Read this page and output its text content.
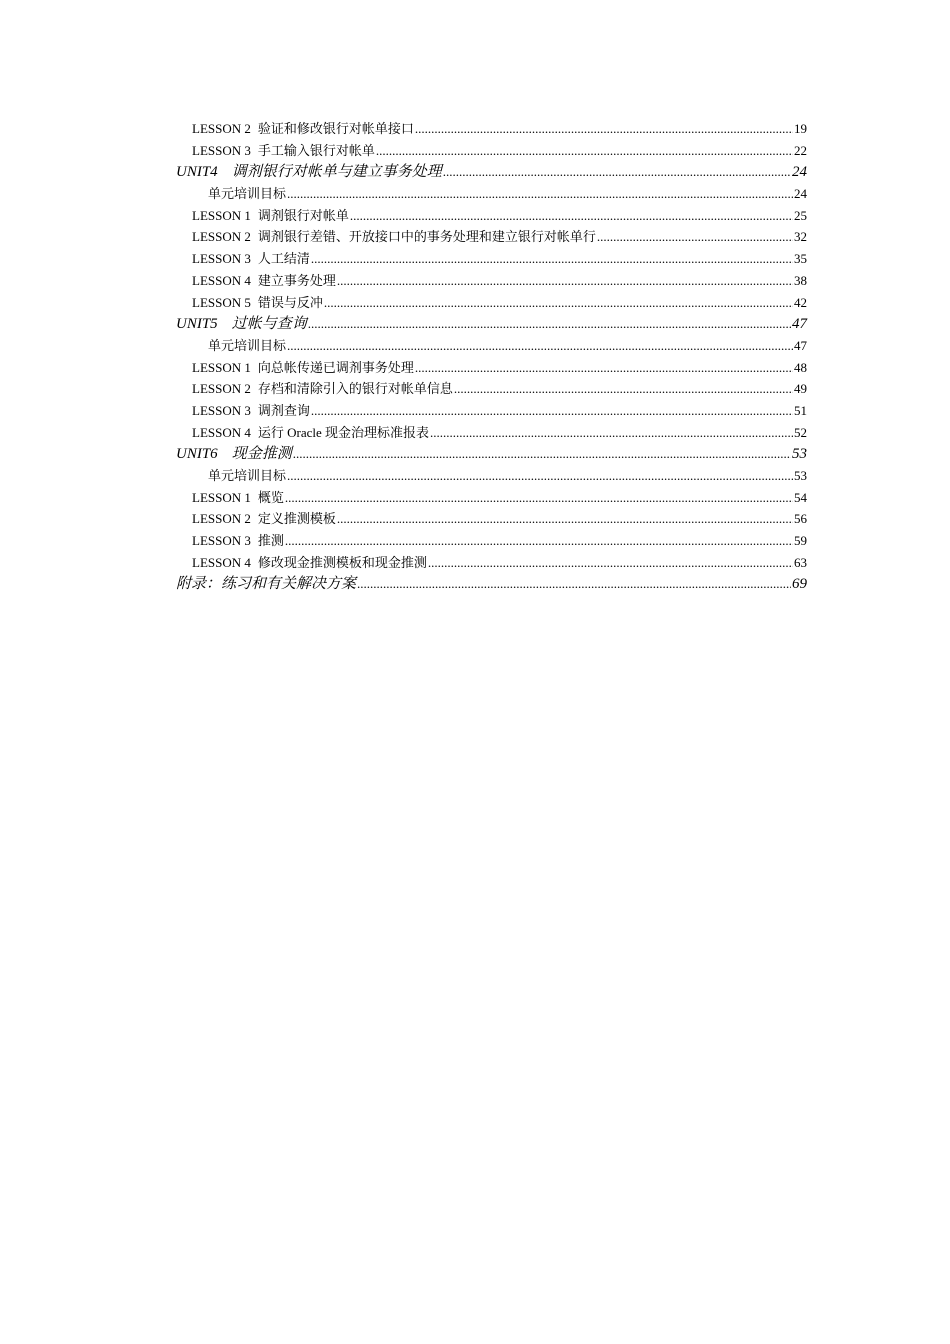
LESSON 2 验证和修改银行对帐单接口 .....	19
LESSON 3 手工输入银行对帐单 .....	22
UNIT4 调剂银行对帐单与建立事务处理 .....	24
单元培训目标 .....	24
LESSON 1 调剂银行对帐单 .....	25
LESSON 2 调剂银行差错、开放接口中的事务处理和建立银行对帐单行 .....	32
LESSON 3 人工结清 .....	35
LESSON 4 建立事务处理 .....	38
LESSON 5 错误与反冲 .....	42
UNIT5 过帐与查询 .....	47
单元培训目标 .....	47
LESSON 1 向总帐传递已调剂事务处理 .....	48
LESSON 2 存档和清除引入的银行对帐单信息 .....	49
LESSON 3 调剂查询 .....	51
LESSON 4 运行 Oracle 现金治理标准报表 .....	52
UNIT6 现金推测 .....	53
单元培训目标 .....	53
LESSON 1 概览 .....	54
LESSON 2 定义推测模板 .....	56
LESSON 3 推测 .....	59
LESSON 4 修改现金推测模板和现金推测 .....	63
附录：练习和有关解决方案 .....	69
